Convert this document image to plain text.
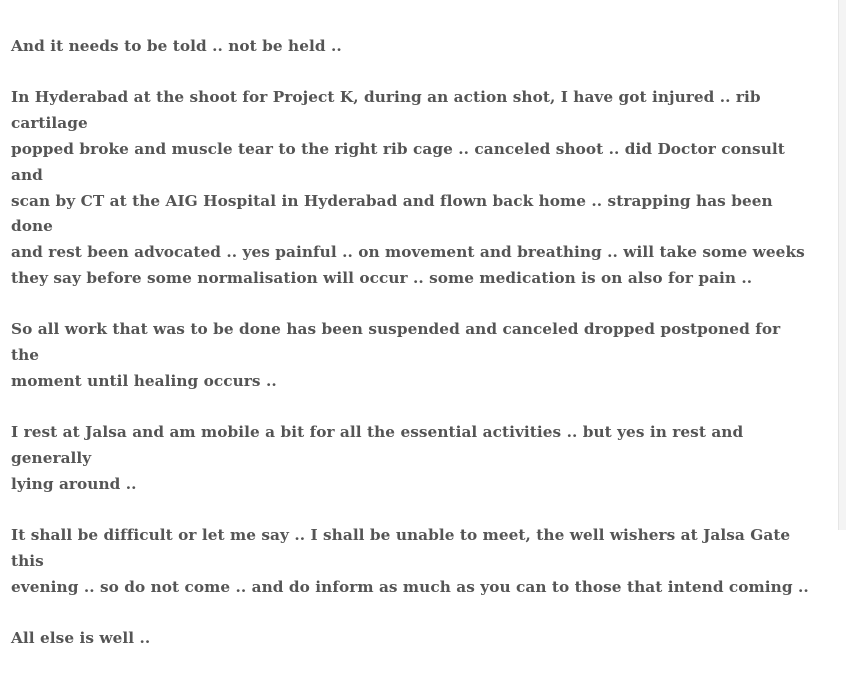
And it needs to be told .. not be held ..

In Hyderabad at the shoot for Project K, during an action shot, I have got injured .. rib cartilage
popped broke and muscle tear to the right rib cage .. canceled shoot .. did Doctor consult and
scan by CT at the AIG Hospital in Hyderabad and flown back home .. strapping has been done
and rest been advocated .. yes painful .. on movement and breathing .. will take some weeks
they say before some normalisation will occur .. some medication is on also for pain ..

So all work that was to be done has been suspended and canceled dropped postponed for the
moment until healing occurs ..

I rest at Jalsa and am mobile a bit for all the essential activities .. but yes in rest and generally
lying around ..

It shall be difficult or let me say .. I shall be unable to meet, the well wishers at Jalsa Gate this
evening .. so do not come .. and do inform as much as you can to those that intend coming ..

All else is well ..
